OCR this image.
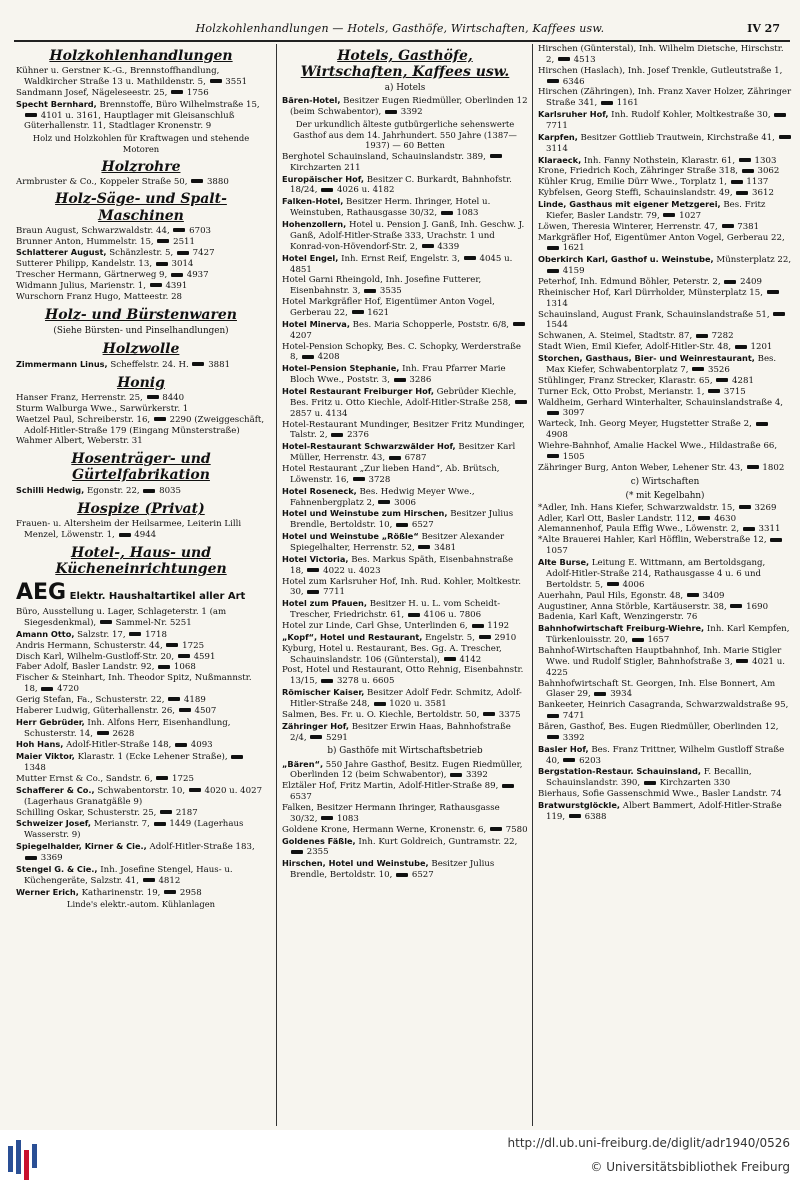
Holzkohlenhandlungen — Hotels, Gasthöfe, Wirtschaften, Kaffees usw.	IV 27
Holzkohlenhandlungen

Kühner u. Gerstner K.-G., Brennstoffhandlung, Waldkircher Straße 13 u. Mathildenstr. 5,  3551

Sandmann Josef, Nägeleseestr. 25,  1756

Specht Bernhard, Brennstoffe, Büro Wilhelmstraße 15,  4101 u. 3161, Hauptlager mit Gleisanschluß Güterhallenstr. 11, Stadtlager Kronenstr. 9

Holz und Holzkohlen für Kraftwagen und stehende Motoren
Holzrohre

Armbruster & Co., Koppeler Straße 50,  3880

Holz-Säge- und Spalt-Maschinen

Braun August, Schwarzwaldstr. 44,  6703

Brunner Anton, Hummelstr. 15,  2511

Schlatterer August, Schänzlestr. 5,  7427

Sutterer Philipp, Kandelstr. 13,  3014

Trescher Hermann, Gärtnerweg 9,  4937

Widmann Julius, Marienstr. 1,  4391

Wurschorn Franz Hugo, Matteestr. 28

Holz- und Bürstenwaren
(Siehe Bürsten- und Pinselhandlungen)
Holzwolle

Zimmermann Linus, Scheffelstr. 24. H.  3881

Honig

Hanser Franz, Herrenstr. 25,  8440

Sturm Walburga Wwe., Sarwürkerstr. 1

Waetzel Paul, Schreiberstr. 16,  2290 (Zweiggeschäft, Adolf-Hitler-Straße 179 (Eingang Münsterstraße)

Wahmer Albert, Weberstr. 31

Hosenträger- und Gürtelfabrikation

Schilli Hedwig, Egonstr. 22,  8035

Hospize (Privat)

Frauen- u. Altersheim der Heilsarmee, Leiterin Lilli Menzel, Löwenstr. 1,  4944

Hotel-, Haus- und Kücheneinrichtungen
AEG Elektr. Haushaltartikel aller Art

Büro, Ausstellung u. Lager, Schlageterstr. 1 (am Siegesdenkmal),  Sammel-Nr. 5251

Amann Otto, Salzstr. 17,  1718

Andris Hermann, Schusterstr. 44,  1725

Disch Karl, Wilhelm-Gustloff-Str. 20,  4591

Faber Adolf, Basler Landstr. 92,  1068

Fischer & Steinhart, Inh. Theodor Spitz, Nußmannstr. 18,  4720

Gerig Stefan, Fa., Schusterstr. 22,  4189

Haberer Ludwig, Güterhallenstr. 26,  4507

Herr Gebrüder, Inh. Alfons Herr, Eisenhandlung, Schusterstr. 14,  2628

Hoh Hans, Adolf-Hitler-Straße 148,  4093

Maier Viktor, Klarastr. 1 (Ecke Lehener Straße),  1348

Mutter Ernst & Co., Sandstr. 6,  1725

Schafferer & Co., Schwabentorstr. 10,  4020 u. 4027 (Lagerhaus Granatgäßle 9)

Schilling Oskar, Schusterstr. 25,  2187

Schweizer Josef, Merianstr. 7,  1449 (Lagerhaus Wasserstr. 9)

Spiegelhalder, Kirner & Cie., Adolf-Hitler-Straße 183,  3369

Stengel G. & Cie., Inh. Josefine Stengel, Haus- u. Küchengeräte, Salzstr. 41,  4812

Werner Erich, Katharinenstr. 19,  2958

Linde's elektr.-autom. Kühlanlagen
Hotels, Gasthöfe, Wirtschaften, Kaffees usw.
a) Hotels

Bären-Hotel, Besitzer Eugen Riedmüller, Oberlinden 12 (beim Schwabentor),  3392

Der urkundlich älteste gutbürgerliche sehenswerte Gasthof aus dem 14. Jahrhundert. 550 Jahre (1387—1937) — 60 Betten

Berghotel Schauinsland, Schauinslandstr. 389,  Kirchzarten 211

Europäischer Hof, Besitzer C. Burkardt, Bahnhofstr. 18/24,  4026 u. 4182

Falken-Hotel, Besitzer Herm. Ihringer, Hotel u. Weinstuben, Rathausgasse 30/32,  1083

Hohenzollern, Hotel u. Pension J. Ganß, Inh. Geschw. J. Ganß, Adolf-Hitler-Straße 333, Urachstr. 1 und Konrad-von-Hövendorf-Str. 2,  4339

Hotel Engel, Inh. Ernst Reif, Engelstr. 3,  4045 u. 4851

Hotel Garni Rheingold, Inh. Josefine Futterer, Eisenbahnstr. 3,  3535

Hotel Markgräfler Hof, Eigentümer Anton Vogel, Gerberau 22,  1621

Hotel Minerva, Bes. Maria Schopperle, Poststr. 6/8,  4207

Hotel-Pension Schopky, Bes. C. Schopky, Werderstraße 8,  4208

Hotel-Pension Stephanie, Inh. Frau Pfarrer Marie Bloch Wwe., Poststr. 3,  3286

Hotel Restaurant Freiburger Hof, Gebrüder Kiechle, Bes. Fritz u. Otto Kiechle, Adolf-Hitler-Straße 258,  2857 u. 4134

Hotel-Restaurant Mundinger, Besitzer Fritz Mundinger, Talstr. 2,  2376

Hotel-Restaurant Schwarzwälder Hof, Besitzer Karl Müller, Herrenstr. 43,  6787

Hotel Restaurant „Zur lieben Hand“, Ab. Brütsch, Löwenstr. 16,  3728

Hotel Roseneck, Bes. Hedwig Meyer Wwe., Fahnenbergplatz 2,  3006

Hotel und Weinstube zum Hirschen, Besitzer Julius Brendle, Bertoldstr. 10,  6527

Hotel und Weinstube „Rößle“ Besitzer Alexander Spiegelhalter, Herrenstr. 52,  3481

Hotel Victoria, Bes. Markus Späth, Eisenbahnstraße 18,  4022 u. 4023

Hotel zum Karlsruher Hof, Inh. Rud. Kohler, Moltkestr. 30,  7711

Hotel zum Pfauen, Besitzer H. u. L. vom Scheidt-Trescher, Friedrichstr. 61,  4106 u. 7806

Hotel zur Linde, Carl Ghse, Unterlinden 6,  1192

„Kopf“, Hotel und Restaurant, Engelstr. 5,  2910

Kyburg, Hotel u. Restaurant, Bes. Gg. A. Trescher, Schauinslandstr. 106 (Günterstal),  4142

Post, Hotel und Restaurant, Otto Rehnig, Eisenbahnstr. 13/15,  3278 u. 6605

Römischer Kaiser, Besitzer Adolf Fedr. Schmitz, Adolf-Hitler-Straße 248,  1020 u. 3581

Salmen, Bes. Fr. u. O. Kiechle, Bertoldstr. 50,  3375

Zähringer Hof, Besitzer Erwin Haas, Bahnhofstraße 2/4,  5291

b) Gasthöfe mit Wirtschaftsbetrieb

„Bären“, 550 Jahre Gasthof, Besitz. Eugen Riedmüller, Oberlinden 12 (beim Schwabentor),  3392

Elztäler Hof, Fritz Martin, Adolf-Hitler-Straße 89,  6537

Falken, Besitzer Hermann Ihringer, Rathausgasse 30/32,  1083

Goldene Krone, Hermann Werne, Kronenstr. 6,  7580

Goldenes Fäßle, Inh. Kurt Goldreich, Guntramstr. 22,  2355

Hirschen, Hotel und Weinstube, Besitzer Julius Brendle, Bertoldstr. 10,  6527

Hirschen (Günterstal), Inh. Wilhelm Dietsche, Hirschstr. 2,  4513

Hirschen (Haslach), Inh. Josef Trenkle, Gutleutstraße 1,  6346

Hirschen (Zähringen), Inh. Franz Xaver Holzer, Zähringer Straße 341,  1161

Karlsruher Hof, Inh. Rudolf Kohler, Moltkestraße 30,  7711

Karpfen, Besitzer Gottlieb Trautwein, Kirchstraße 41,  3114

Klaraeck, Inh. Fanny Nothstein, Klarastr. 61,  1303

Krone, Friedrich Koch, Zähringer Straße 318,  3062

Kühler Krug, Emilie Dürr Wwe., Torplatz 1,  1137

Kybfelsen, Georg Steffi, Schauinslandstr. 49,  3612

Linde, Gasthaus mit eigener Metzgerei, Bes. Fritz Kiefer, Basler Landstr. 79,  1027

Löwen, Theresia Winterer, Herrenstr. 47,  7381

Markgräfler Hof, Eigentümer Anton Vogel, Gerberau 22,  1621

Oberkirch Karl, Gasthof u. Weinstube, Münsterplatz 22,  4159

Peterhof, Inh. Edmund Böhler, Peterstr. 2,  2409

Rheinischer Hof, Karl Dürrholder, Münsterplatz 15,  1314

Schauinsland, August Frank, Schauinslandstraße 51,  1544

Schwanen, A. Steimel, Stadtstr. 87,  7282

Stadt Wien, Emil Kiefer, Adolf-Hitler-Str. 48,  1201

Storchen, Gasthaus, Bier- und Weinrestaurant, Bes. Max Kiefer, Schwabentorplatz 7,  3526

Stühlinger, Franz Strecker, Klarastr. 65,  4281

Turner Eck, Otto Probst, Merianstr. 1,  3715

Waldheim, Gerhard Winterhalter, Schauinslandstraße 4,  3097

Warteck, Inh. Georg Meyer, Hugstetter Straße 2,  4908

Wiehre-Bahnhof, Amalie Hackel Wwe., Hildastraße 66,  1505

Zähringer Burg, Anton Weber, Lehener Str. 43,  1802

c) Wirtschaften
(* mit Kegelbahn)

*Adler, Inh. Hans Kiefer, Schwarzwaldstr. 15,  3269

Adler, Karl Ott, Basler Landstr. 112,  4630

Alemannenhof, Paula Effig Wwe., Löwenstr. 2,  3311

*Alte Brauerei Hahler, Karl Höfflin, Weberstraße 12,  1057

Alte Burse, Leitung E. Wittmann, am Bertoldsgang, Adolf-Hitler-Straße 214, Rathausgasse 4 u. 6 und Bertoldstr. 5,  4006

Auerhahn, Paul Hils, Egonstr. 48,  3409

Augustiner, Anna Störble, Kartäuserstr. 38,  1690

Badenia, Karl Kaft, Wenzingerstr. 76

Bahnhofwirtschaft Freiburg-Wiehre, Inh. Karl Kempfen, Türkenlouisstr. 20,  1657

Bahnhof-Wirtschaften Hauptbahnhof, Inh. Marie Stigler Wwe. und Rudolf Stigler, Bahnhofstraße 3,  4021 u. 4225

Bahnhofwirtschaft St. Georgen, Inh. Else Bonnert, Am Glaser 29,  3934

Bankeeter, Heinrich Casagranda, Schwarzwaldstraße 95,  7471

Bären, Gasthof, Bes. Eugen Riedmüller, Oberlinden 12,  3392

Basler Hof, Bes. Franz Trittner, Wilhelm Gustloff Straße 40,  6203

Bergstation-Restaur. Schauinsland, F. Becallin, Schauinslandstr. 390,  Kirchzarten 330

Bierhaus, Sofie Gassenschmid Wwe., Basler Landstr. 74

Bratwurstglöckle, Albert Bammert, Adolf-Hitler-Straße 119,  6388

http://dl.ub.uni-freiburg.de/diglit/adr1940/0526
© Universitätsbibliothek Freiburg
